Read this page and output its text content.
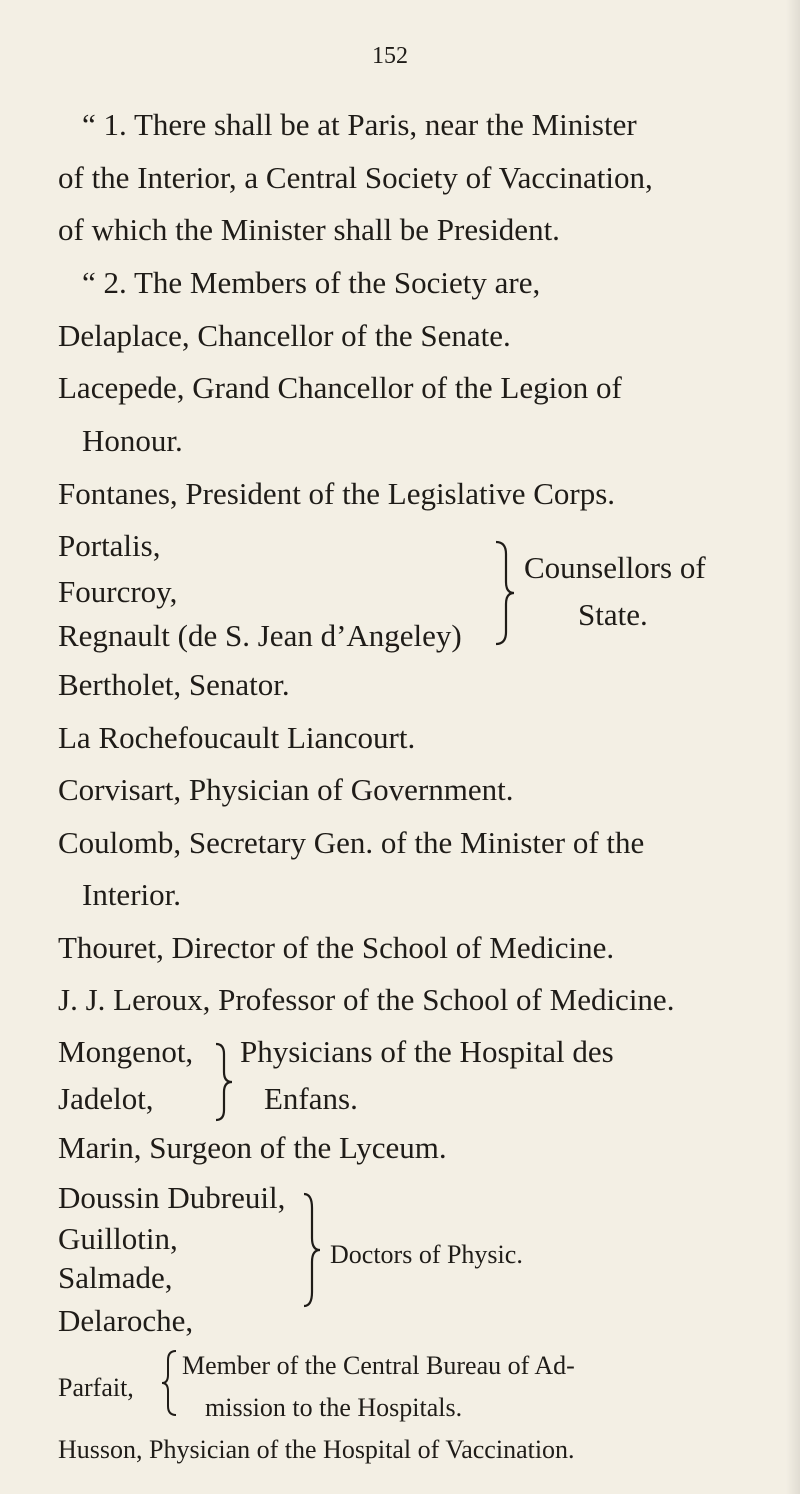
152
“ 1. There shall be at Paris, near the Minister
of the Interior, a Central Society of Vaccination,
of which the Minister shall be President.
“ 2. The Members of the Society are,
Delaplace, Chancellor of the Senate.
Lacepede, Grand Chancellor of the Legion of
Honour.
Fontanes, President of the Legislative Corps.
Portalis,
Fourcroy,
Regnault (de S. Jean d’Angeley)
Counsellors of
State.
Bertholet, Senator.
La Rochefoucault Liancourt.
Corvisart, Physician of Government.
Coulomb, Secretary Gen. of the Minister of the
Interior.
Thouret, Director of the School of Medicine.
J. J. Leroux, Professor of the School of Medicine.
Mongenot,
Jadelot,
Physicians of the Hospital des
Enfans.
Marin, Surgeon of the Lyceum.
Doussin Dubreuil,
Guillotin,
Salmade,
Delaroche,
Doctors of Physic.
Parfait,
Member of the Central Bureau of Ad-
mission to the Hospitals.
Husson, Physician of the Hospital of Vaccination.
